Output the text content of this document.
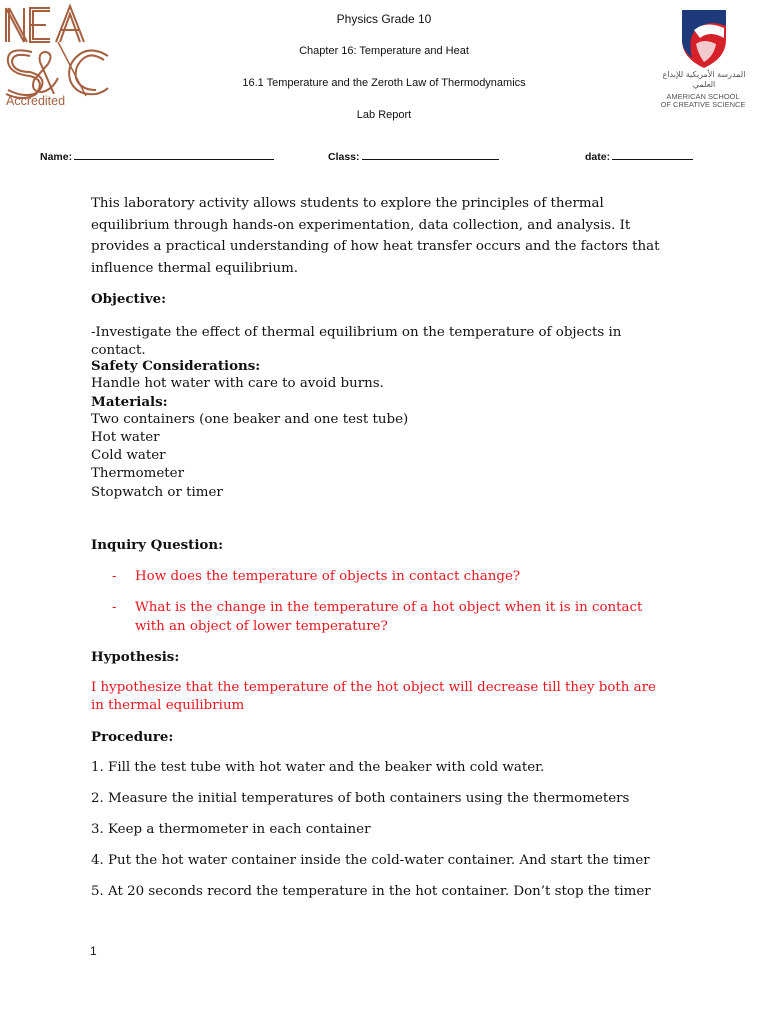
Accredited
المدرسة الأمريكية للإبداع العلمي
AMERICAN SCHOOL
OF CREATIVE SCIENCE
Physics Grade 10
Chapter 16: Temperature and Heat
16.1 Temperature and the Zeroth Law of Thermodynamics
Lab Report
Name:	Class:	date:
This laboratory activity allows students to explore the principles of thermal equilibrium through hands-on experimentation, data collection, and analysis. It provides a practical understanding of how heat transfer occurs and the factors that influence thermal equilibrium.
Objective:
-Investigate the effect of thermal equilibrium on the temperature of objects in contact.
Safety Considerations:
Handle hot water with care to avoid burns.
Materials:
Two containers (one beaker and one test tube)
Hot water
Cold water
Thermometer
Stopwatch or timer
Inquiry Question:
- How does the temperature of objects in contact change?
- What is the change in the temperature of a hot object when it is in contact with an object of lower temperature?
Hypothesis:
I hypothesize that the temperature of the hot object will decrease till they both are in thermal equilibrium
Procedure:
1. Fill the test tube with hot water and the beaker with cold water.
2. Measure the initial temperatures of both containers using the thermometers
3. Keep a thermometer in each container
4. Put the hot water container inside the cold-water container. And start the timer
5. At 20 seconds record the temperature in the hot container. Don’t stop the timer
1
